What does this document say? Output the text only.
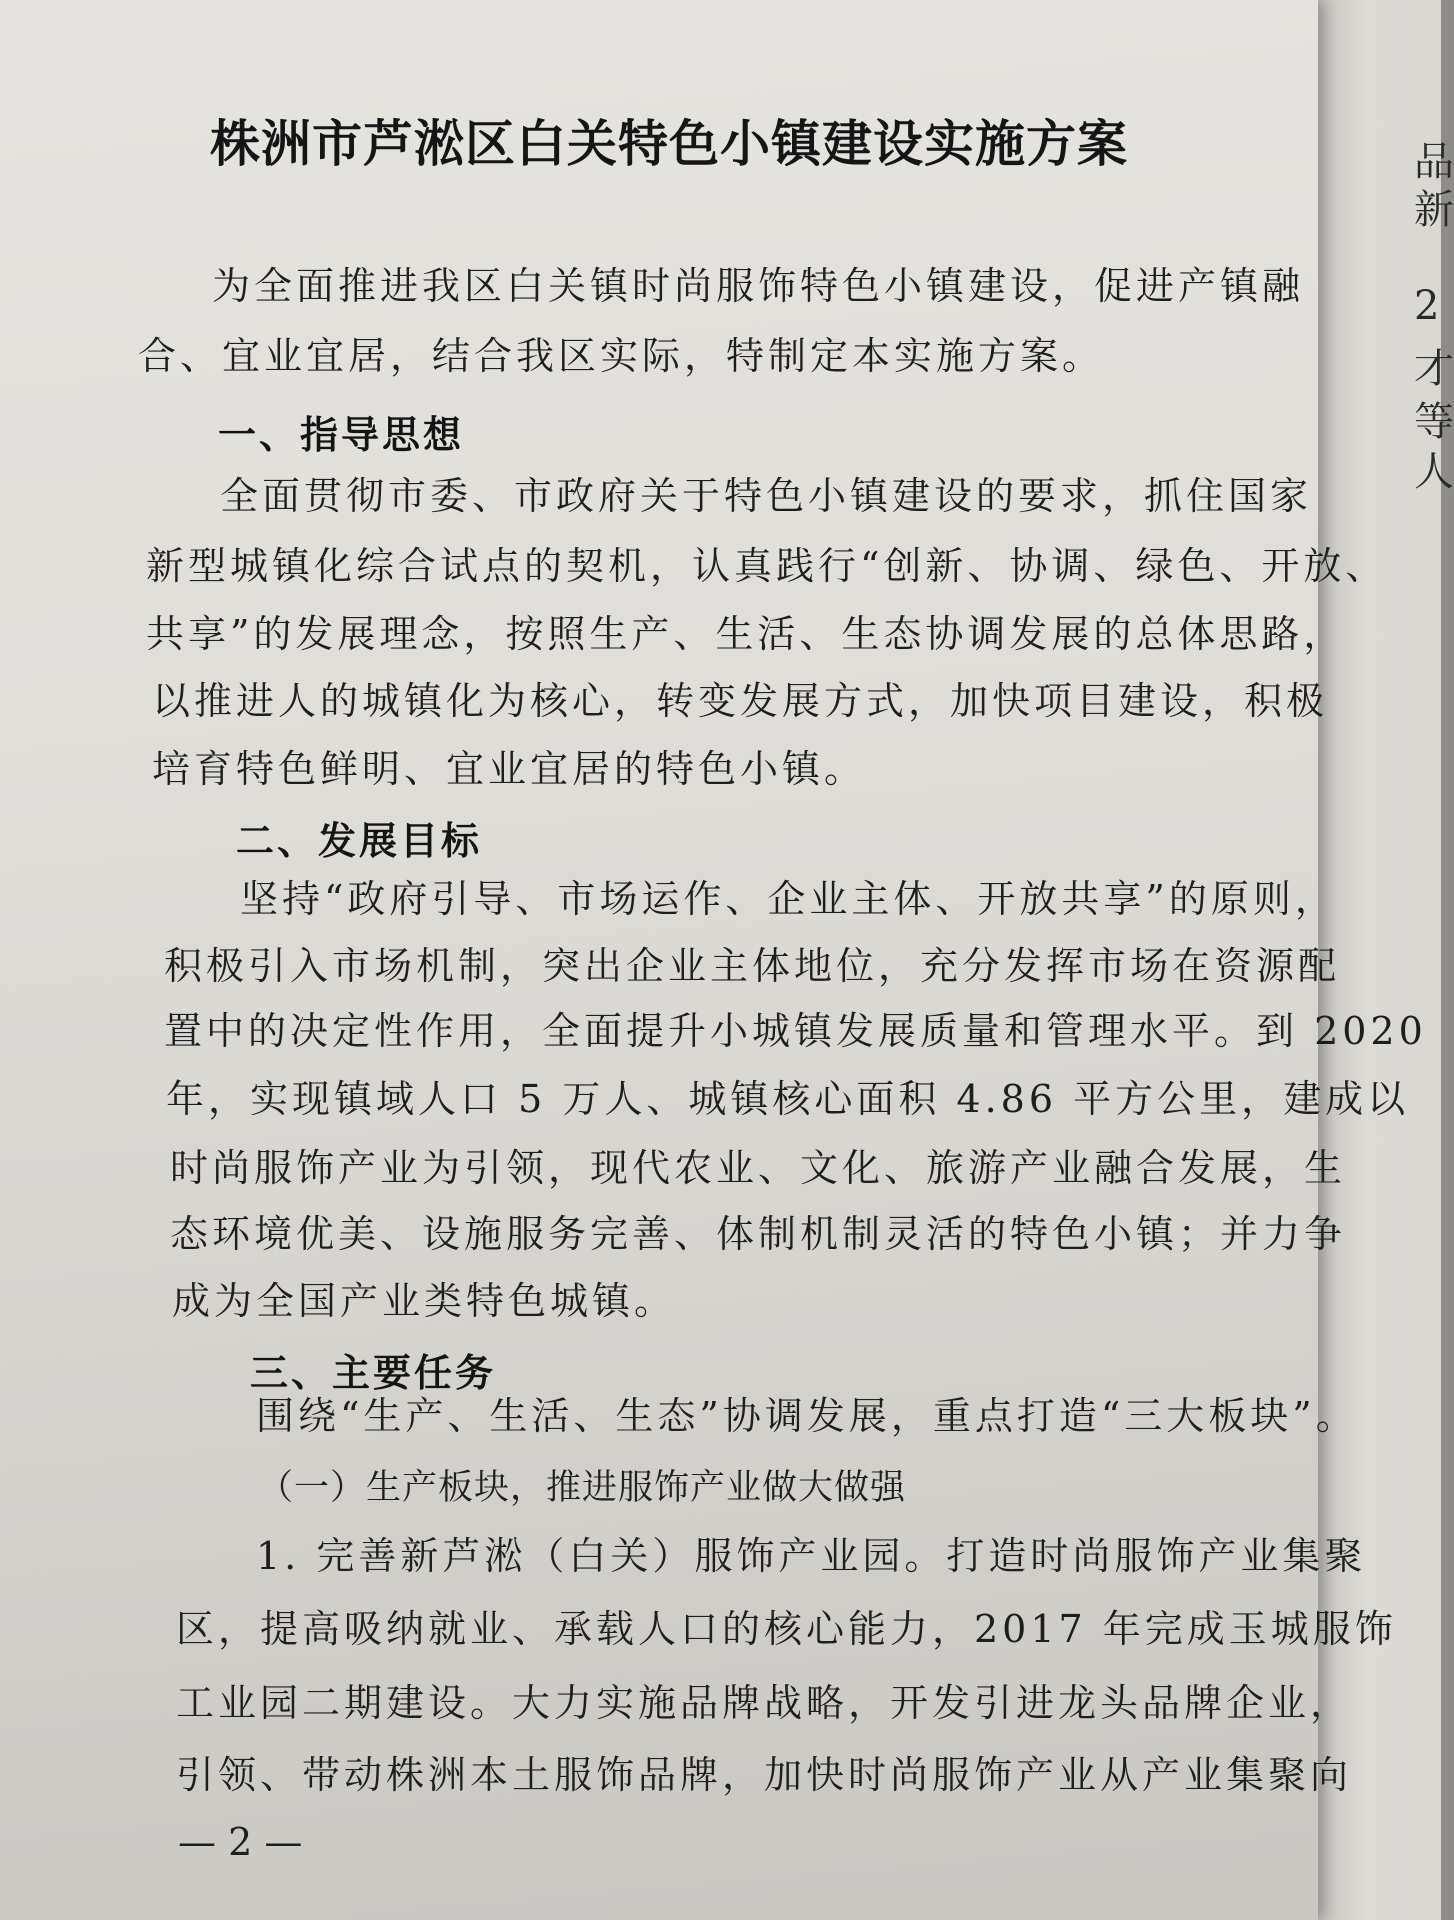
品
新
2
才
等
人
株洲市芦淞区白关特色小镇建设实施方案
为全面推进我区白关镇时尚服饰特色小镇建设，促进产镇融
合、宜业宜居，结合我区实际，特制定本实施方案。
一、指导思想
全面贯彻市委、市政府关于特色小镇建设的要求，抓住国家
新型城镇化综合试点的契机，认真践行“创新、协调、绿色、开放、
共享”的发展理念，按照生产、生活、生态协调发展的总体思路，
以推进人的城镇化为核心，转变发展方式，加快项目建设，积极
培育特色鲜明、宜业宜居的特色小镇。
二、发展目标
坚持“政府引导、市场运作、企业主体、开放共享”的原则，
积极引入市场机制，突出企业主体地位，充分发挥市场在资源配
置中的决定性作用，全面提升小城镇发展质量和管理水平。到 2020
年，实现镇域人口 5 万人、城镇核心面积 4.86 平方公里，建成以
时尚服饰产业为引领，现代农业、文化、旅游产业融合发展，生
态环境优美、设施服务完善、体制机制灵活的特色小镇；并力争
成为全国产业类特色城镇。
三、主要任务
围绕“生产、生活、生态”协调发展，重点打造“三大板块”。
（一）生产板块，推进服饰产业做大做强
1. 完善新芦淞（白关）服饰产业园。打造时尚服饰产业集聚
区，提高吸纳就业、承载人口的核心能力，2017 年完成玉城服饰
工业园二期建设。大力实施品牌战略，开发引进龙头品牌企业，
引领、带动株洲本土服饰品牌，加快时尚服饰产业从产业集聚向
— 2 —
